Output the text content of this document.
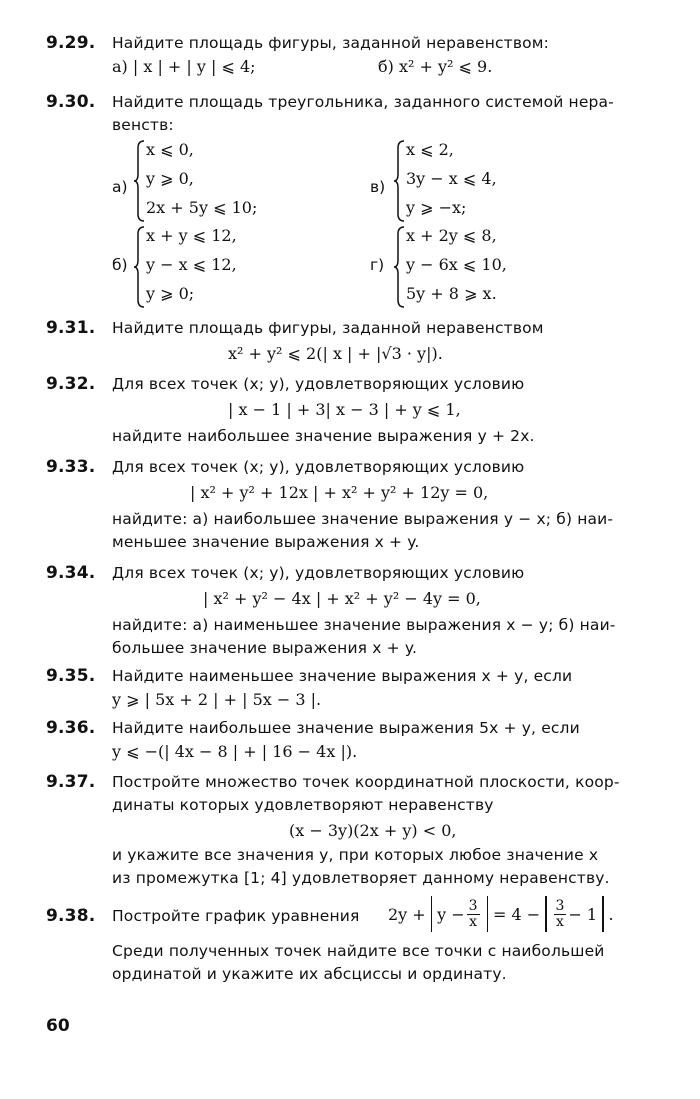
9.29. Найдите площадь фигуры, заданной неравенством:
а) | x | + | y | ⩽ 4;	б) x² + y² ⩽ 9.
9.30. Найдите площадь треугольника, заданного системой нера-
венств:
а)
x ⩽ 0,
y ⩾ 0,
2x + 5y ⩽ 10;
в)
x ⩽ 2,
3y − x ⩽ 4,
y ⩾ −x;
б)
x + y ⩽ 12,
y − x ⩽ 12,
y ⩾ 0;
г)
x + 2y ⩽ 8,
y − 6x ⩽ 10,
5y + 8 ⩾ x.
9.31. Найдите площадь фигуры, заданной неравенством
x² + y² ⩽ 2(| x | + |√3 · y|).
9.32. Для всех точек (x; y), удовлетворяющих условию
| x − 1 | + 3| x − 3 | + y ⩽ 1,
найдите наибольшее значение выражения y + 2x.
9.33. Для всех точек (x; y), удовлетворяющих условию
| x² + y² + 12x | + x² + y² + 12y = 0,
найдите: а) наибольшее значение выражения y − x; б) наи-
меньшее значение выражения x + y.
9.34. Для всех точек (x; y), удовлетворяющих условию
| x² + y² − 4x | + x² + y² − 4y = 0,
найдите: а) наименьшее значение выражения x − y; б) наи-
большее значение выражения x + y.
9.35. Найдите наименьшее значение выражения x + y, если
y ⩾ | 5x + 2 | + | 5x − 3 |.
9.36. Найдите наибольшее значение выражения 5x + y, если
y ⩽ −(| 4x − 8 | + | 16 − 4x |).
9.37. Постройте множество точек координатной плоскости, коор-
динаты которых удовлетворяют неравенству
(x − 3y)(2x + y) < 0,
и укажите все значения y, при которых любое значение x
из промежутка [1; 4] удовлетворяет данному неравенству.
9.38. Постройте график уравнения $2y + y - \frac{3}{x} = 4 - \frac{3}{x} - 1$ .
Среди полученных точек найдите все точки с наибольшей
ординатой и укажите их абсциссы и ординату.
60
